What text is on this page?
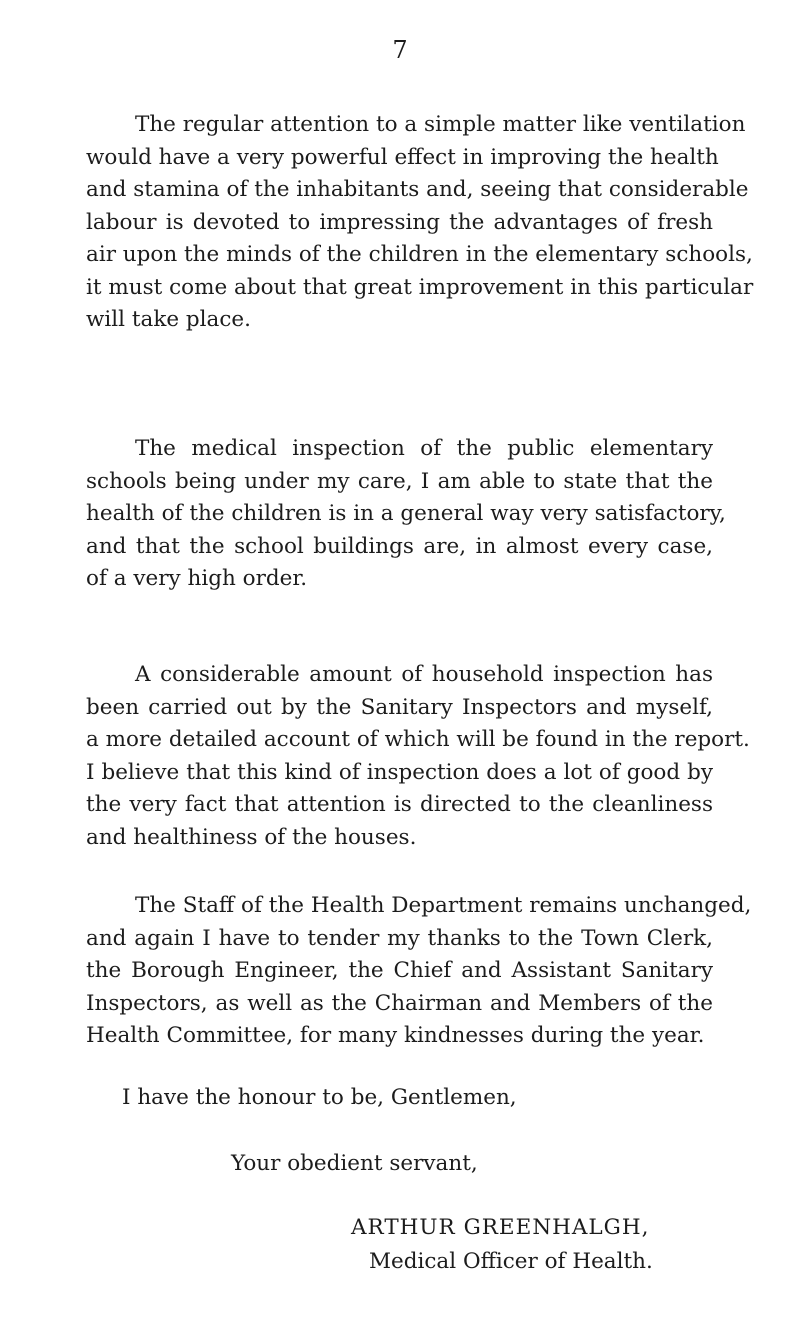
7
The regular attention to a simple matter like ventilation
would have a very powerful effect in improving the health
and stamina of the inhabitants and, seeing that considerable
labour is devoted to impressing the advantages of fresh
air upon the minds of the children in the elementary schools,
it must come about that great improvement in this particular
will take place.
The medical inspection of the public elementary
schools being under my care, I am able to state that the
health of the children is in a general way very satisfactory,
and that the school buildings are, in almost every case,
of a very high order.
A considerable amount of household inspection has
been carried out by the Sanitary Inspectors and myself,
a more detailed account of which will be found in the report.
I believe that this kind of inspection does a lot of good by
the very fact that attention is directed to the cleanliness
and healthiness of the houses.
The Staff of the Health Department remains unchanged,
and again I have to tender my thanks to the Town Clerk,
the Borough Engineer, the Chief and Assistant Sanitary
Inspectors, as well as the Chairman and Members of the
Health Committee, for many kindnesses during the year.
I have the honour to be, Gentlemen,
Your obedient servant,
ARTHUR GREENHALGH,
Medical Officer of Health.
